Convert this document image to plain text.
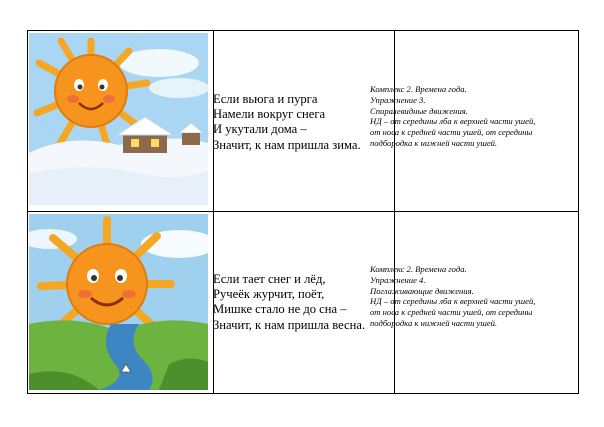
Если вьюга и пурга
Намели вокруг снега
И укутали дома –
Значит, к нам пришла зима.
Комплекс 2. Времена года.
Упражнение 3.
Спиралевидные движения.
НД – от середины лба к верхней части ушей, от носа к средней части ушей, от середины подбородка к нижней части ушей.
Если тает снег и лёд,
Ручеёк журчит, поёт,
Мишке стало не до сна –
Значит, к нам пришла весна.
Комплекс 2. Времена года.
Упражнение 4.
Поглаживающие движения.
НД – от середины лба к верхней части ушей, от носа к средней части ушей, от середины подбородка к нижней части ушей.
